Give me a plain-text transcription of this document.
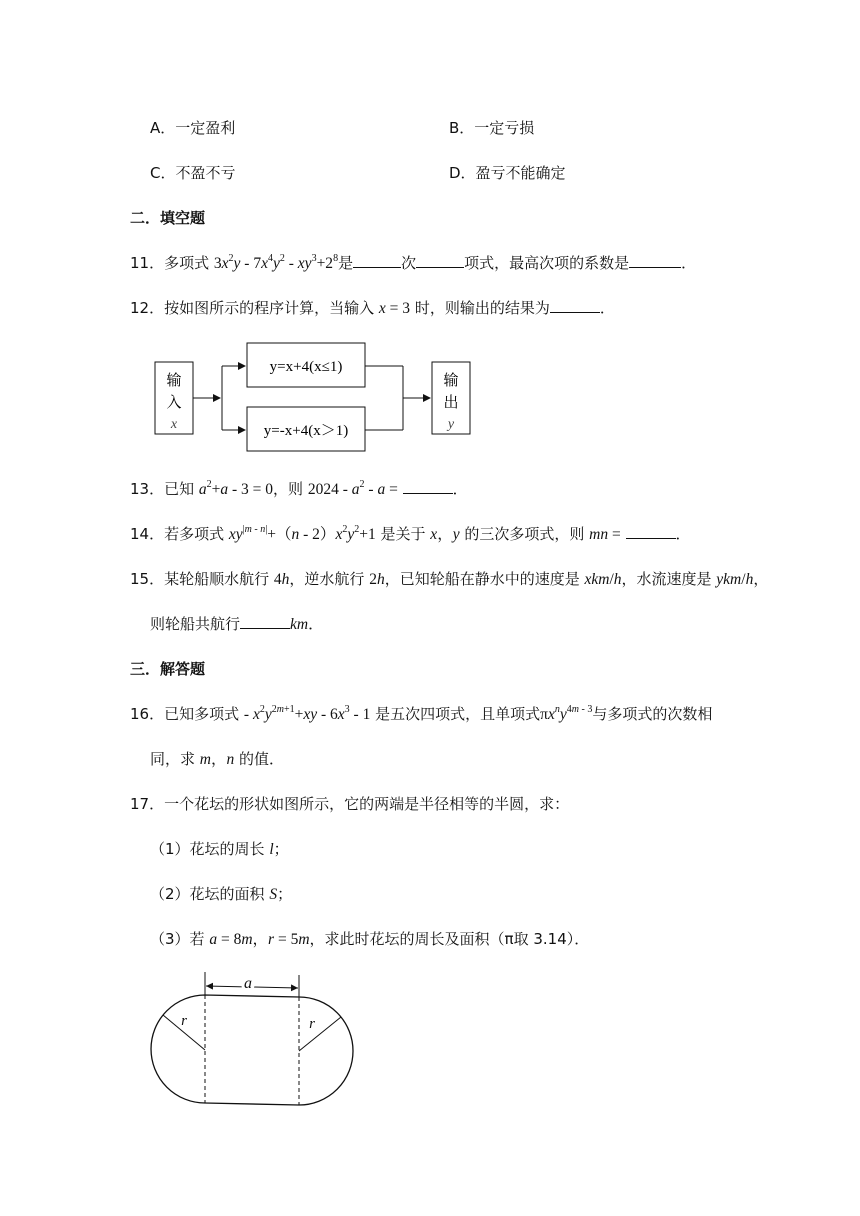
A．一定盈利	B．一定亏损
C．不盈不亏	D．盈亏不能确定
二．填空题
11．多项式 $3x^2y - 7x^4y^2 - xy^3+2^8$是	次	项式，最高次项的系数是	．
12．按如图所示的程序计算，当输入 x = 3 时，则输出的结果为	．
输
入
x
y=x+4(x≤1)
y=-x+4(x＞1)
输
出
y
13．已知 $a^2+a - 3 = 0$，则 $2024 - a^2$ - a =	．
14．若多项式 $xy^{|m - n|}+(n - 2)x^2y^2+1$ 是关于 x，y 的三次多项式，则 mn =	．
15．某轮船顺水航行 4h，逆水航行 2h，已知轮船在静水中的速度是 xkm/h，水流速度是 ykm/h，
则轮船共航行	km．
三．解答题
16．已知多项式 - $x^2y^{2m+1}+xy - 6x^3 - 1$ 是五次四项式，且单项式$\pi x^ny^{4m - 3}$与多项式的次数相
同，求 m，n 的值．
17．一个花坛的形状如图所示，它的两端是半径相等的半圆，求：
（1）花坛的周长 l；
（2）花坛的面积 S；
（3）若 a = 8m，r = 5m，求此时花坛的周长及面积（π取 3.14）．
a
r	r
